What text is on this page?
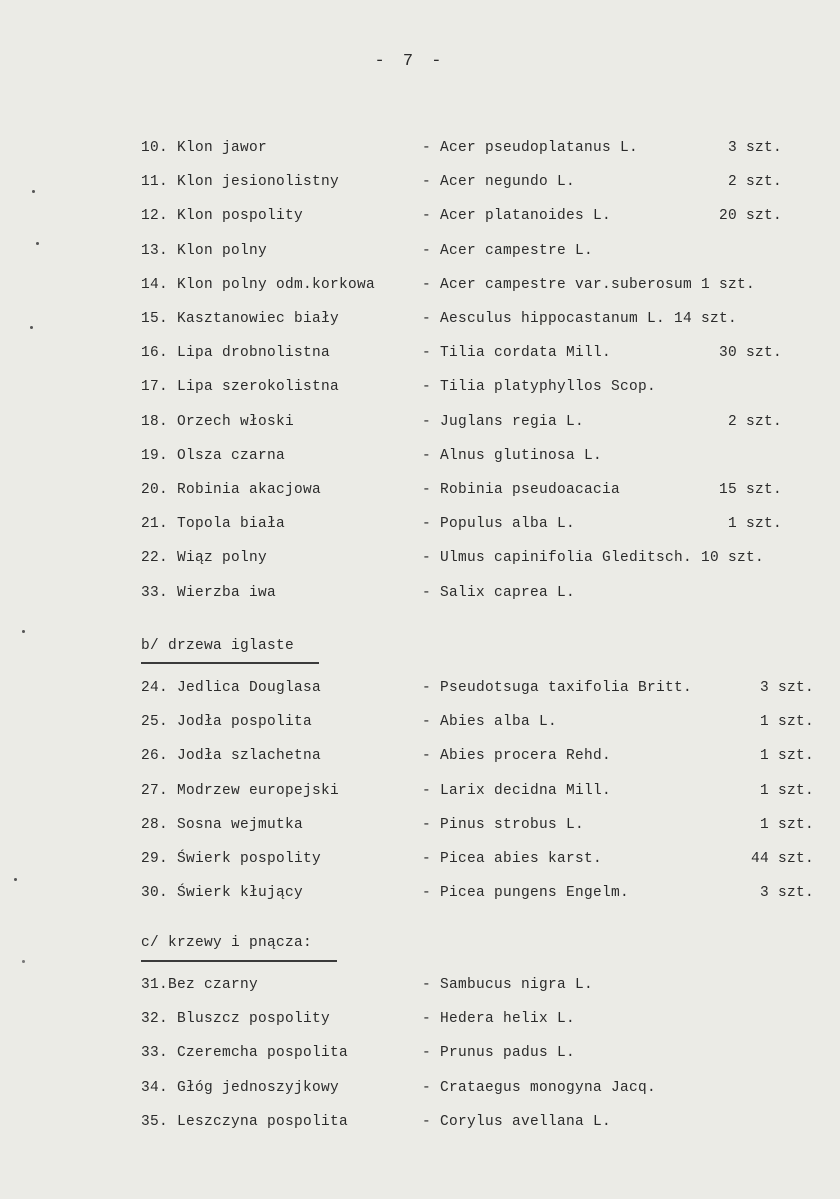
- 7 -
10. Klon jawor	- Acer pseudoplatanus L.	3 szt.
11. Klon jesionolistny	- Acer negundo L.	2 szt.
12. Klon pospolity	- Acer platanoides L.	20 szt.
13. Klon polny	- Acer campestre L.
14. Klon polny odm.korkowa	- Acer campestre var.suberosum 1 szt.
15. Kasztanowiec biały	- Aesculus hippocastanum L. 14 szt.
16. Lipa drobnolistna	- Tilia cordata Mill.	30 szt.
17. Lipa szerokolistna	- Tilia platyphyllos Scop.
18. Orzech włoski	- Juglans regia L.	2 szt.
19. Olsza czarna	- Alnus glutinosa L.
20. Robinia akacjowa	- Robinia pseudoacacia	15 szt.
21. Topola biała	- Populus alba L.	1 szt.
22. Wiąz polny	- Ulmus capinifolia Gleditsch. 10 szt.
33. Wierzba iwa	- Salix caprea L.
b/ drzewa iglaste
24. Jedlica Douglasa	- Pseudotsuga taxifolia Britt.	3 szt.
25. Jodła pospolita	- Abies alba L.	1 szt.
26. Jodła szlachetna	- Abies procera Rehd.	1 szt.
27. Modrzew europejski	- Larix decidna Mill.	1 szt.
28. Sosna wejmutka	- Pinus strobus L.	1 szt.
29. Świerk pospolity	- Picea abies karst.	44 szt.
30. Świerk kłujący	- Picea pungens Engelm.	3 szt.
c/ krzewy i pnącza:
31.Bez czarny	- Sambucus nigra L.
32. Bluszcz pospolity	- Hedera helix L.
33. Czeremcha pospolita	- Prunus padus L.
34. Głóg jednoszyjkowy	- Crataegus monogyna Jacq.
35. Leszczyna pospolita	- Corylus avellana L.
